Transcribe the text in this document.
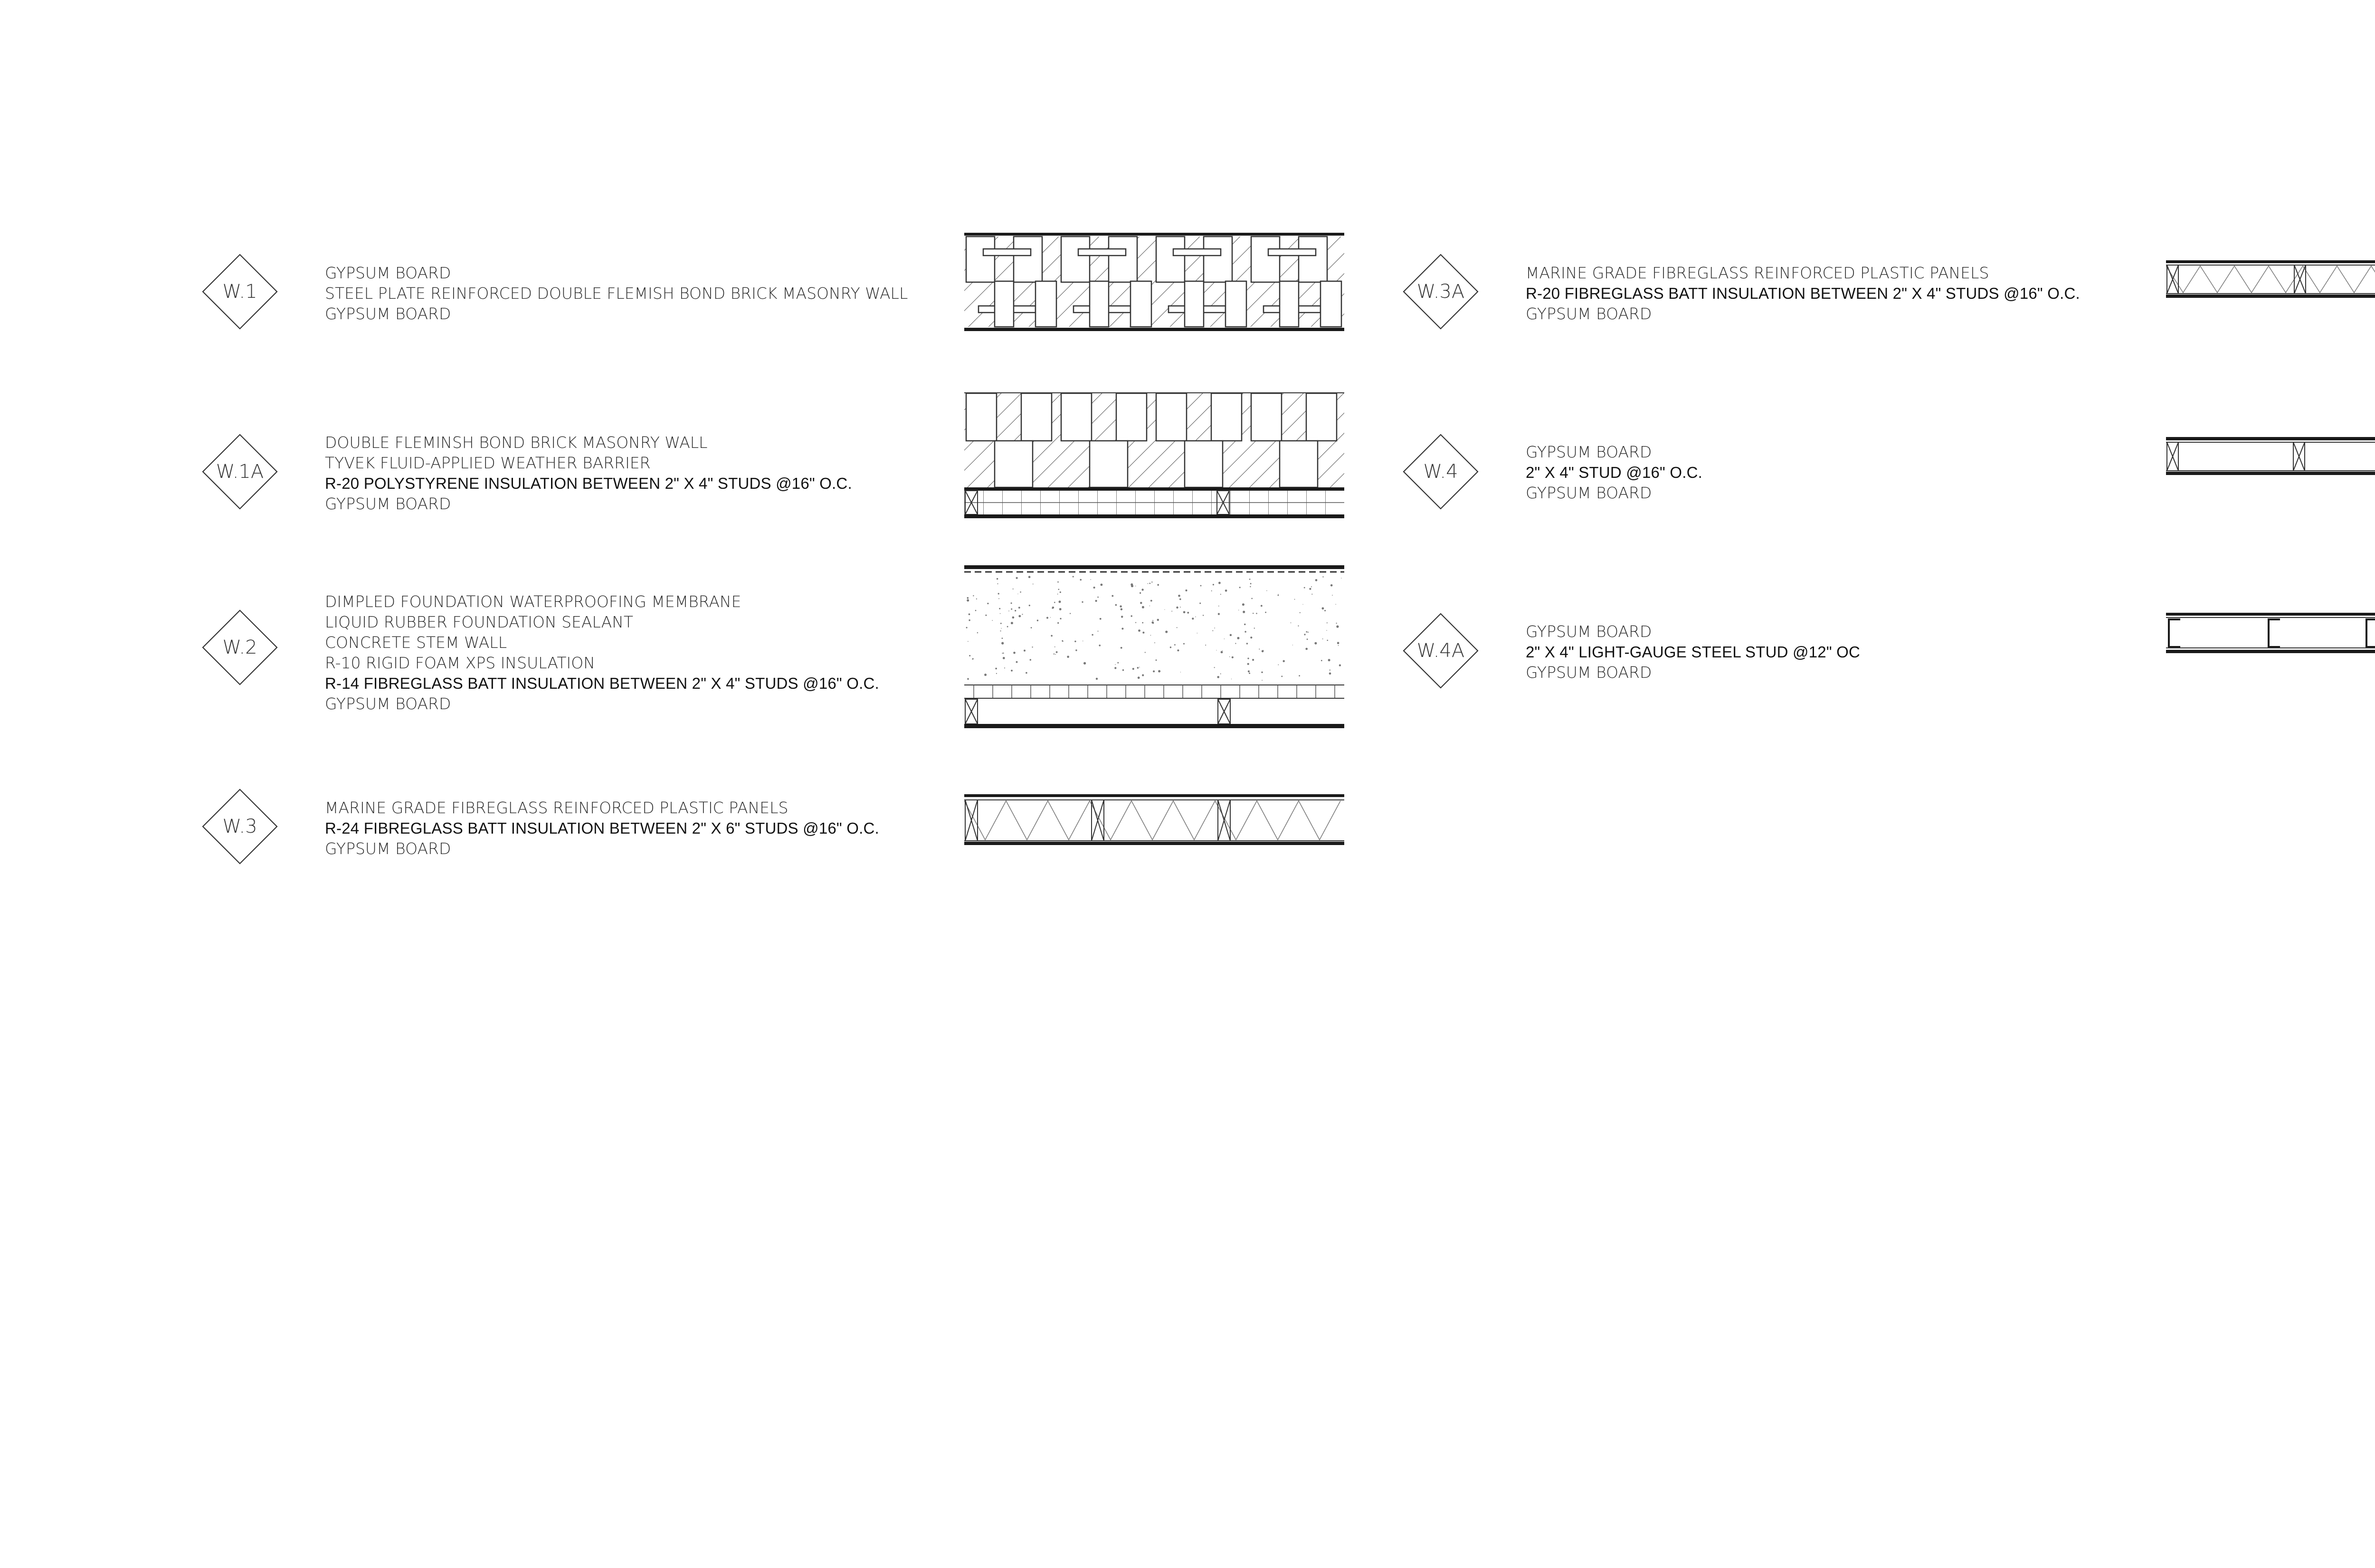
W.1
GYPSUM BOARD
STEEL PLATE REINFORCED DOUBLE FLEMISH BOND BRICK MASONRY WALL
GYPSUM BOARD
W.1A
DOUBLE FLEMINSH BOND BRICK MASONRY WALL
TYVEK FLUID-APPLIED WEATHER BARRIER
R-20 POLYSTYRENE INSULATION BETWEEN 2" X 4" STUDS @16" O.C.
GYPSUM BOARD
W.2
DIMPLED FOUNDATION WATERPROOFING MEMBRANE
LIQUID RUBBER FOUNDATION SEALANT
CONCRETE STEM WALL
R-10 RIGID FOAM XPS INSULATION
R-14 FIBREGLASS BATT INSULATION BETWEEN 2" X 4" STUDS @16" O.C.
GYPSUM BOARD
W.3
MARINE GRADE FIBREGLASS REINFORCED PLASTIC PANELS
R-24 FIBREGLASS BATT INSULATION BETWEEN 2" X 6" STUDS @16" O.C.
GYPSUM BOARD
W.3A
MARINE GRADE FIBREGLASS REINFORCED PLASTIC PANELS
R-20 FIBREGLASS BATT INSULATION BETWEEN 2" X 4" STUDS @16" O.C.
GYPSUM BOARD
W.4
GYPSUM BOARD
2" X 4" STUD @16" O.C.
GYPSUM BOARD
W.4A
GYPSUM BOARD
2" X 4" LIGHT-GAUGE STEEL STUD @12" OC
GYPSUM BOARD
